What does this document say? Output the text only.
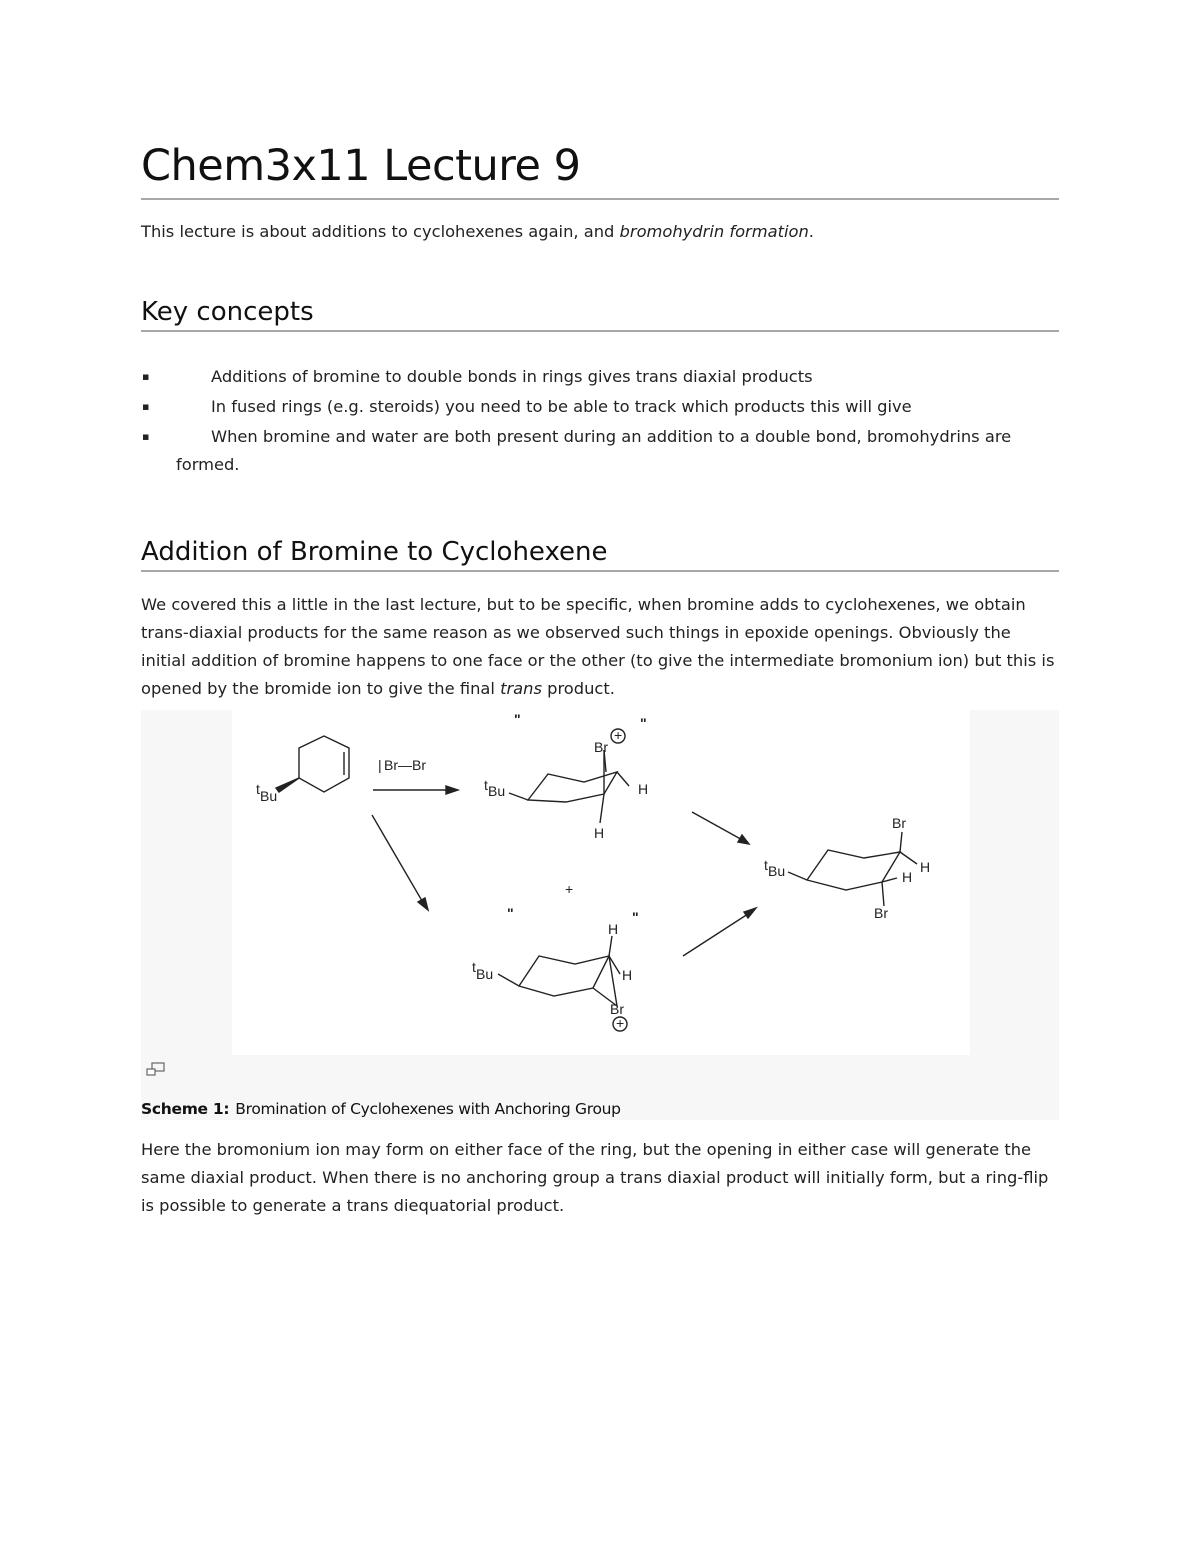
Chem3x11 Lecture 9

This lecture is about additions to cyclohexenes again, and bromohydrin formation.

Key concepts
▪	Additions of bromine to double bonds in rings gives trans diaxial products
▪	In fused rings (e.g. steroids) you need to be able to track which products this will give
▪	When bromine and water are both present during an addition to a double bond, bromohydrins are
formed.
Addition of Bromine to Cyclohexene

We covered this a little in the last lecture, but to be specific, when bromine adds to cyclohexenes, we obtain trans-diaxial products for the same reason as we observed such things in epoxide openings. Obviously the initial addition of bromine happens to one face or the other (to give the intermediate bromonium ion) but this is opened by the bromide ion to give the final trans product.

t Bu
| Br—Br
"	"
t Bu
Br
+
H
H
+
"	"
t Bu
H
H
Br
+
t Bu
Br
H
H
Br
Scheme 1: Bromination of Cyclohexenes with Anchoring Group

Here the bromonium ion may form on either face of the ring, but the opening in either case will generate the same diaxial product. When there is no anchoring group a trans diaxial product will initially form, but a ring-flip is possible to generate a trans diequatorial product.
